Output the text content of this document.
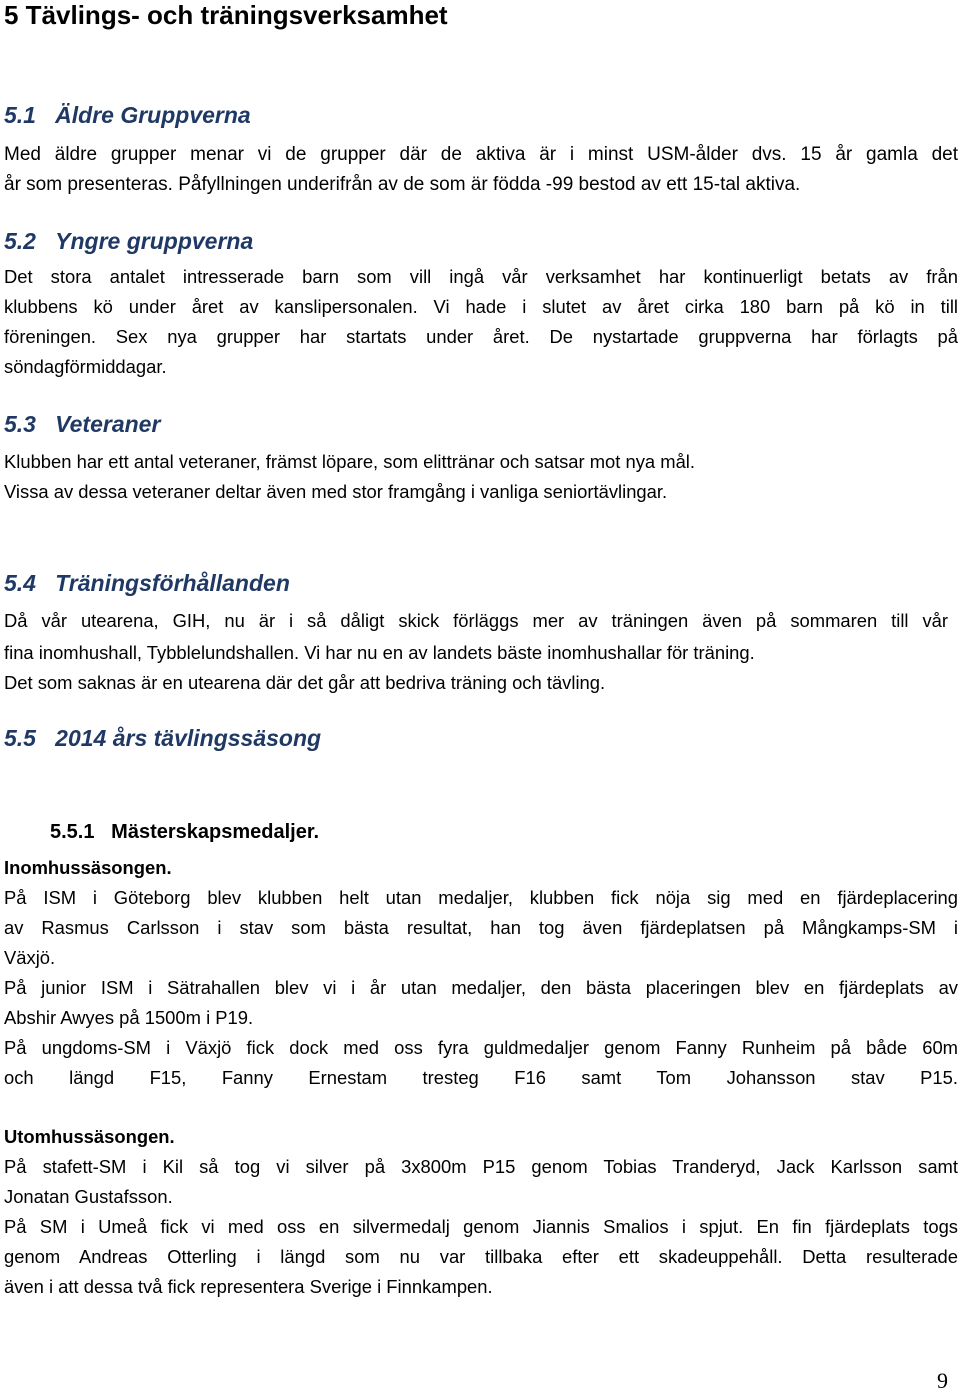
5 Tävlings- och träningsverksamhet
5.1 Äldre Gruppverna
Med äldre grupper menar vi de grupper där de aktiva är i minst USM-ålder dvs. 15 år gamla det
år som presenteras. Påfyllningen underifrån av de som är födda -99 bestod av ett 15-tal aktiva.
5.2 Yngre gruppverna
Det stora antalet intresserade barn som vill ingå vår verksamhet har kontinuerligt betats av från
klubbens kö under året av kanslipersonalen. Vi hade i slutet av året cirka 180 barn på kö in till
föreningen. Sex nya grupper har startats under året. De nystartade gruppverna har förlagts på
söndagförmiddagar.
5.3 Veteraner
Klubben har ett antal veteraner, främst löpare, som elittränar och satsar mot nya mål.
Vissa av dessa veteraner deltar även med stor framgång i vanliga seniortävlingar.
5.4 Träningsförhållanden
Då vår utearena, GIH, nu är i så dåligt skick förläggs mer av träningen även på sommaren till vår
fina inomhushall, Tybblelundshallen. Vi har nu en av landets bäste inomhushallar för träning.
Det som saknas är en utearena där det går att bedriva träning och tävling.
5.5 2014 års tävlingssäsong
5.5.1 Mästerskapsmedaljer.
Inomhussäsongen.
På ISM i Göteborg blev klubben helt utan medaljer, klubben fick nöja sig med en fjärdeplacering
av Rasmus Carlsson i stav som bästa resultat, han tog även fjärdeplatsen på Mångkamps-SM i
Växjö.
På junior ISM i Sätrahallen blev vi i år utan medaljer, den bästa placeringen blev en fjärdeplats av
Abshir Awyes på 1500m i P19.
På ungdoms-SM i Växjö fick dock med oss fyra guldmedaljer genom Fanny Runheim på både 60m
och längd F15, Fanny Ernestam tresteg F16 samt Tom Johansson stav P15.
Utomhussäsongen.
På stafett-SM i Kil så tog vi silver på 3x800m P15 genom Tobias Tranderyd, Jack Karlsson samt
Jonatan Gustafsson.
På SM i Umeå fick vi med oss en silvermedalj genom Jiannis Smalios i spjut. En fin fjärdeplats togs
genom Andreas Otterling i längd som nu var tillbaka efter ett skadeuppehåll. Detta resulterade
även i att dessa två fick representera Sverige i Finnkampen.
9
